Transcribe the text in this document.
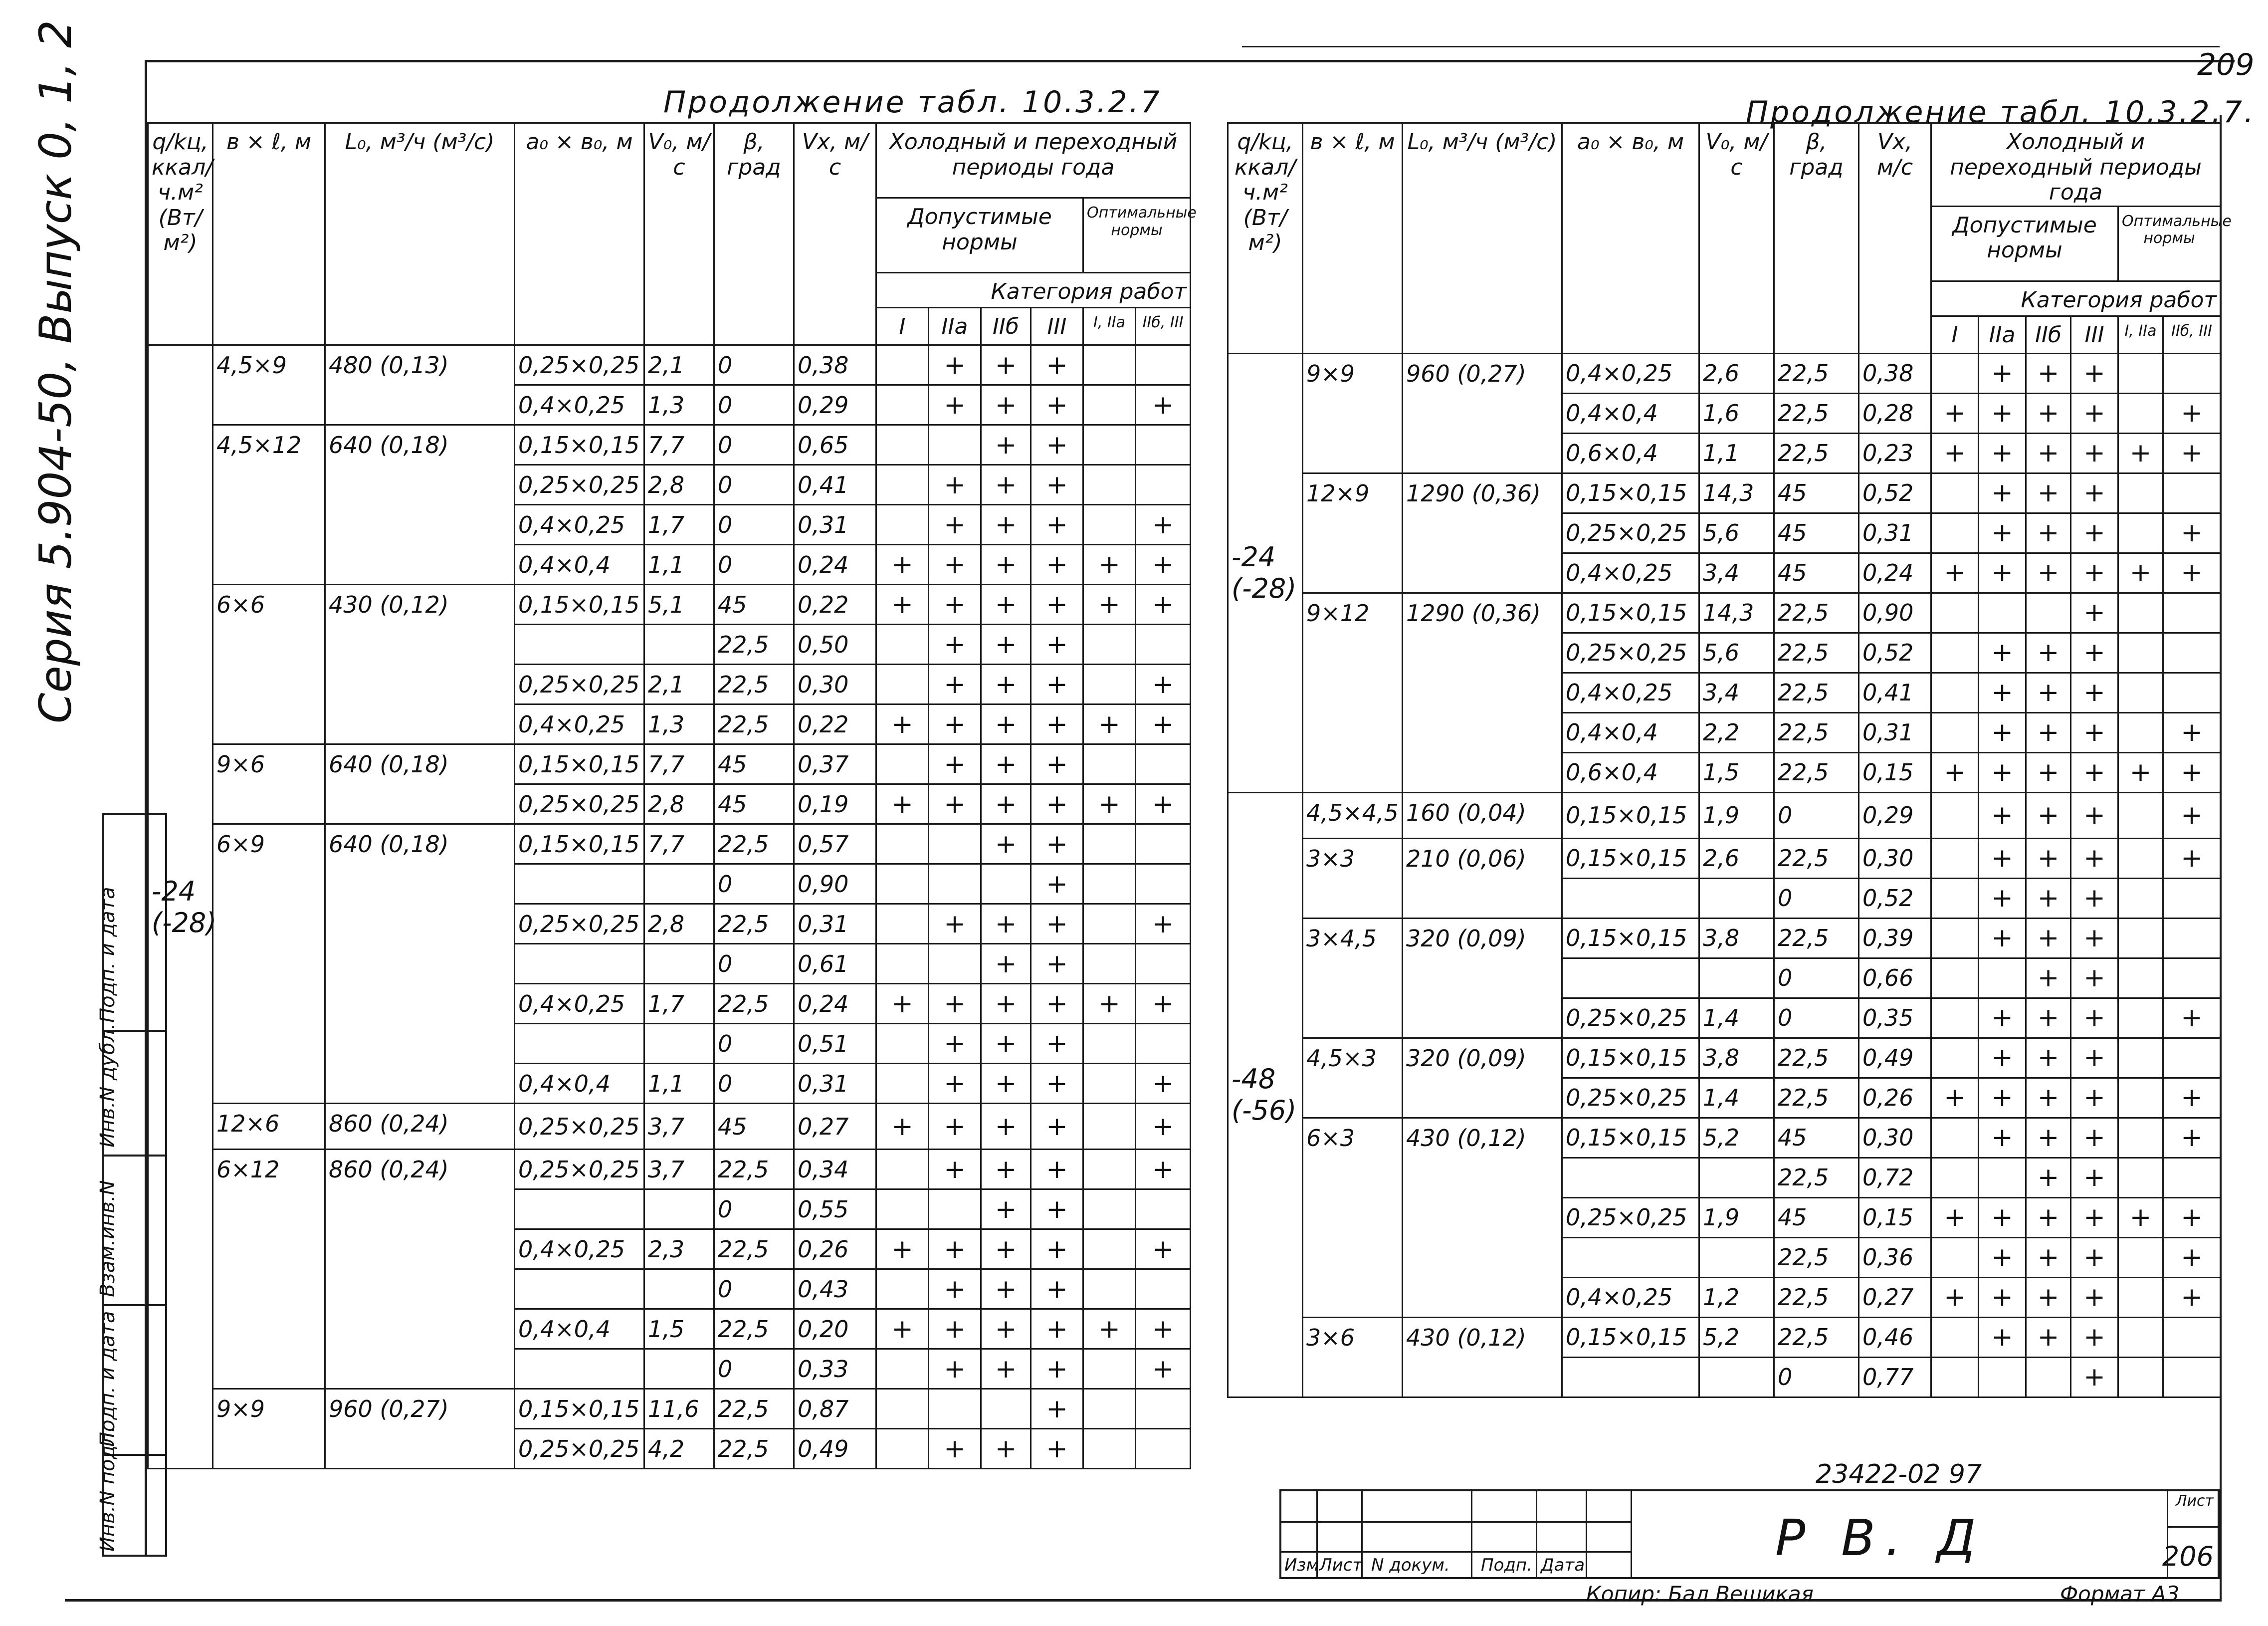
209
Серия 5.904-50, Выпуск 0, 1, 2
Подп. и дата
Инв.N дубл.
Взам.инв.N
Подп. и дата
Инв.N подл.
Продолжение табл. 10.3.2.7	Продолжение табл. 10.3.2.7.
q/kц, ккал/ч.м² (Вт/м²)	в × ℓ, м	L₀, м³/ч (м³/с)	a₀ × в₀, м	V₀, м/с	β, град	Vx, м/с	Холодный и переходный периоды года					
							Допустимые нормы				Оптимальные нормы	
							Категория работ					
							I	IIa	IIб	III	I, IIa	IIб, III

-24
(-28)	4,5×9	480 (0,13)	0,25×0,25	2,1	0	0,38		+	+	+		
			0,4×0,25	1,3	0	0,29		+	+	+		+
	4,5×12	640 (0,18)	0,15×0,15	7,7	0	0,65			+	+		
			0,25×0,25	2,8	0	0,41		+	+	+		
			0,4×0,25	1,7	0	0,31		+	+	+		+
			0,4×0,4	1,1	0	0,24	+	+	+	+	+	+
	6×6	430 (0,12)	0,15×0,15	5,1	45	0,22	+	+	+	+	+	+
					22,5	0,50		+	+	+		
			0,25×0,25	2,1	22,5	0,30		+	+	+		+
			0,4×0,25	1,3	22,5	0,22	+	+	+	+	+	+
	9×6	640 (0,18)	0,15×0,15	7,7	45	0,37		+	+	+		
			0,25×0,25	2,8	45	0,19	+	+	+	+	+	+
	6×9	640 (0,18)	0,15×0,15	7,7	22,5	0,57			+	+		
					0	0,90				+		
			0,25×0,25	2,8	22,5	0,31		+	+	+		+
					0	0,61			+	+		
			0,4×0,25	1,7	22,5	0,24	+	+	+	+	+	+
					0	0,51		+	+	+		
			0,4×0,4	1,1	0	0,31		+	+	+		+
	12×6	860 (0,24)	0,25×0,25	3,7	45	0,27	+	+	+	+		+
	6×12	860 (0,24)	0,25×0,25	3,7	22,5	0,34		+	+	+		+
					0	0,55			+	+		
			0,4×0,25	2,3	22,5	0,26	+	+	+	+		+
					0	0,43		+	+	+		
			0,4×0,4	1,5	22,5	0,20	+	+	+	+	+	+
					0	0,33		+	+	+		+
	9×9	960 (0,27)	0,15×0,15	11,6	22,5	0,87				+		
			0,25×0,25	4,2	22,5	0,49		+	+	+		
q/kц, ккал/ч.м² (Вт/м²)	в × ℓ, м	L₀, м³/ч (м³/с)	a₀ × в₀, м	V₀, м/с	β, град	Vx, м/с	Холодный и переходный периоды года					
							Допустимые нормы				Оптимальные нормы	
							Категория работ					
							I	IIa	IIб	III	I, IIa	IIб, III

-24
(-28)	9×9	960 (0,27)	0,4×0,25	2,6	22,5	0,38		+	+	+		
			0,4×0,4	1,6	22,5	0,28	+	+	+	+		+
			0,6×0,4	1,1	22,5	0,23	+	+	+	+	+	+
	12×9	1290 (0,36)	0,15×0,15	14,3	45	0,52		+	+	+		
			0,25×0,25	5,6	45	0,31		+	+	+		+
			0,4×0,25	3,4	45	0,24	+	+	+	+	+	+
	9×12	1290 (0,36)	0,15×0,15	14,3	22,5	0,90				+		
			0,25×0,25	5,6	22,5	0,52		+	+	+		
			0,4×0,25	3,4	22,5	0,41		+	+	+		
			0,4×0,4	2,2	22,5	0,31		+	+	+		+
			0,6×0,4	1,5	22,5	0,15	+	+	+	+	+	+

-48
(-56)	4,5×4,5	160 (0,04)	0,15×0,15	1,9	0	0,29		+	+	+		+
	3×3	210 (0,06)	0,15×0,15	2,6	22,5	0,30		+	+	+		+
					0	0,52		+	+	+		
	3×4,5	320 (0,09)	0,15×0,15	3,8	22,5	0,39		+	+	+		
					0	0,66			+	+		
			0,25×0,25	1,4	0	0,35		+	+	+		+
	4,5×3	320 (0,09)	0,15×0,15	3,8	22,5	0,49		+	+	+		
			0,25×0,25	1,4	22,5	0,26	+	+	+	+		+
	6×3	430 (0,12)	0,15×0,15	5,2	45	0,30		+	+	+		+
					22,5	0,72			+	+		
			0,25×0,25	1,9	45	0,15	+	+	+	+	+	+
					22,5	0,36		+	+	+		+
			0,4×0,25	1,2	22,5	0,27	+	+	+	+		+
	3×6	430 (0,12)	0,15×0,15	5,2	22,5	0,46		+	+	+		
					0	0,77				+		
23422-02 97
Изм Лист N докум. Подп. Дата	Р В. Д
Лист
206
Копир: Бал Вешикая	Формат А3
